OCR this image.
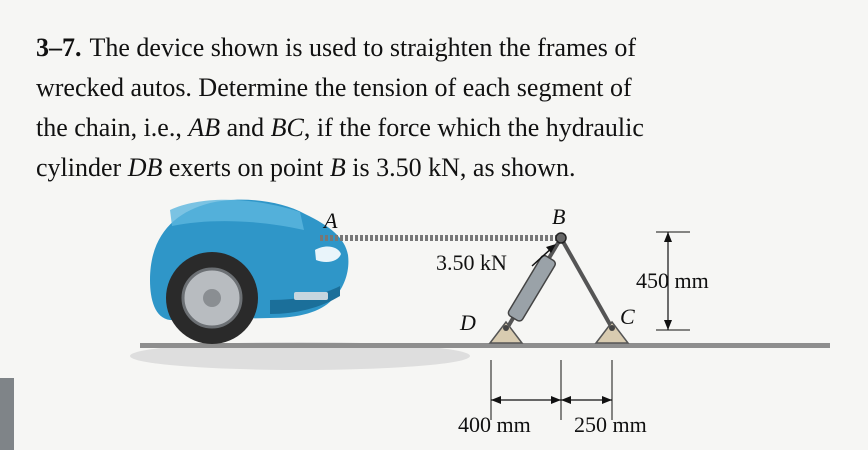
3–7. The device shown is used to straighten the frames of
wrecked autos. Determine the tension of each segment of
the chain, i.e., AB and BC, if the force which the hydraulic
cylinder DB exerts on point B is 3.50 kN, as shown.
A	B
C
D
3.50 kN
450 mm
400 mm 250 mm
